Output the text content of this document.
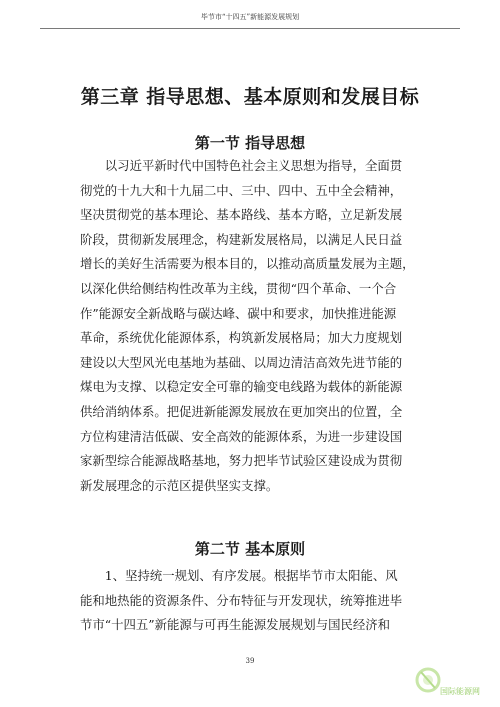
毕节市“十四五”新能源发展规划
第三章 指导思想、基本原则和发展目标
第一节 指导思想

以习近平新时代中国特色社会主义思想为指导，全面贯
彻党的十九大和十九届二中、三中、四中、五中全会精神，
坚决贯彻党的基本理论、基本路线、基本方略，立足新发展
阶段，贯彻新发展理念，构建新发展格局，以满足人民日益
增长的美好生活需要为根本目的，以推动高质量发展为主题，
以深化供给侧结构性改革为主线，贯彻“四个革命、一个合
作”能源安全新战略与碳达峰、碳中和要求，加快推进能源
革命，系统优化能源体系，构筑新发展格局；加大力度规划
建设以大型风光电基地为基础、以周边清洁高效先进节能的
煤电为支撑、以稳定安全可靠的输变电线路为载体的新能源
供给消纳体系。把促进新能源发展放在更加突出的位置，全
方位构建清洁低碳、安全高效的能源体系，为进一步建设国
家新型综合能源战略基地，努力把毕节试验区建设成为贯彻
新发展理念的示范区提供坚实支撑。

第二节 基本原则

1、坚持统一规划、有序发展。根据毕节市太阳能、风
能和地热能的资源条件、分布特征与开发现状，统筹推进毕
节市“十四五”新能源与可再生能源发展规划与国民经济和

39
国际能源网
